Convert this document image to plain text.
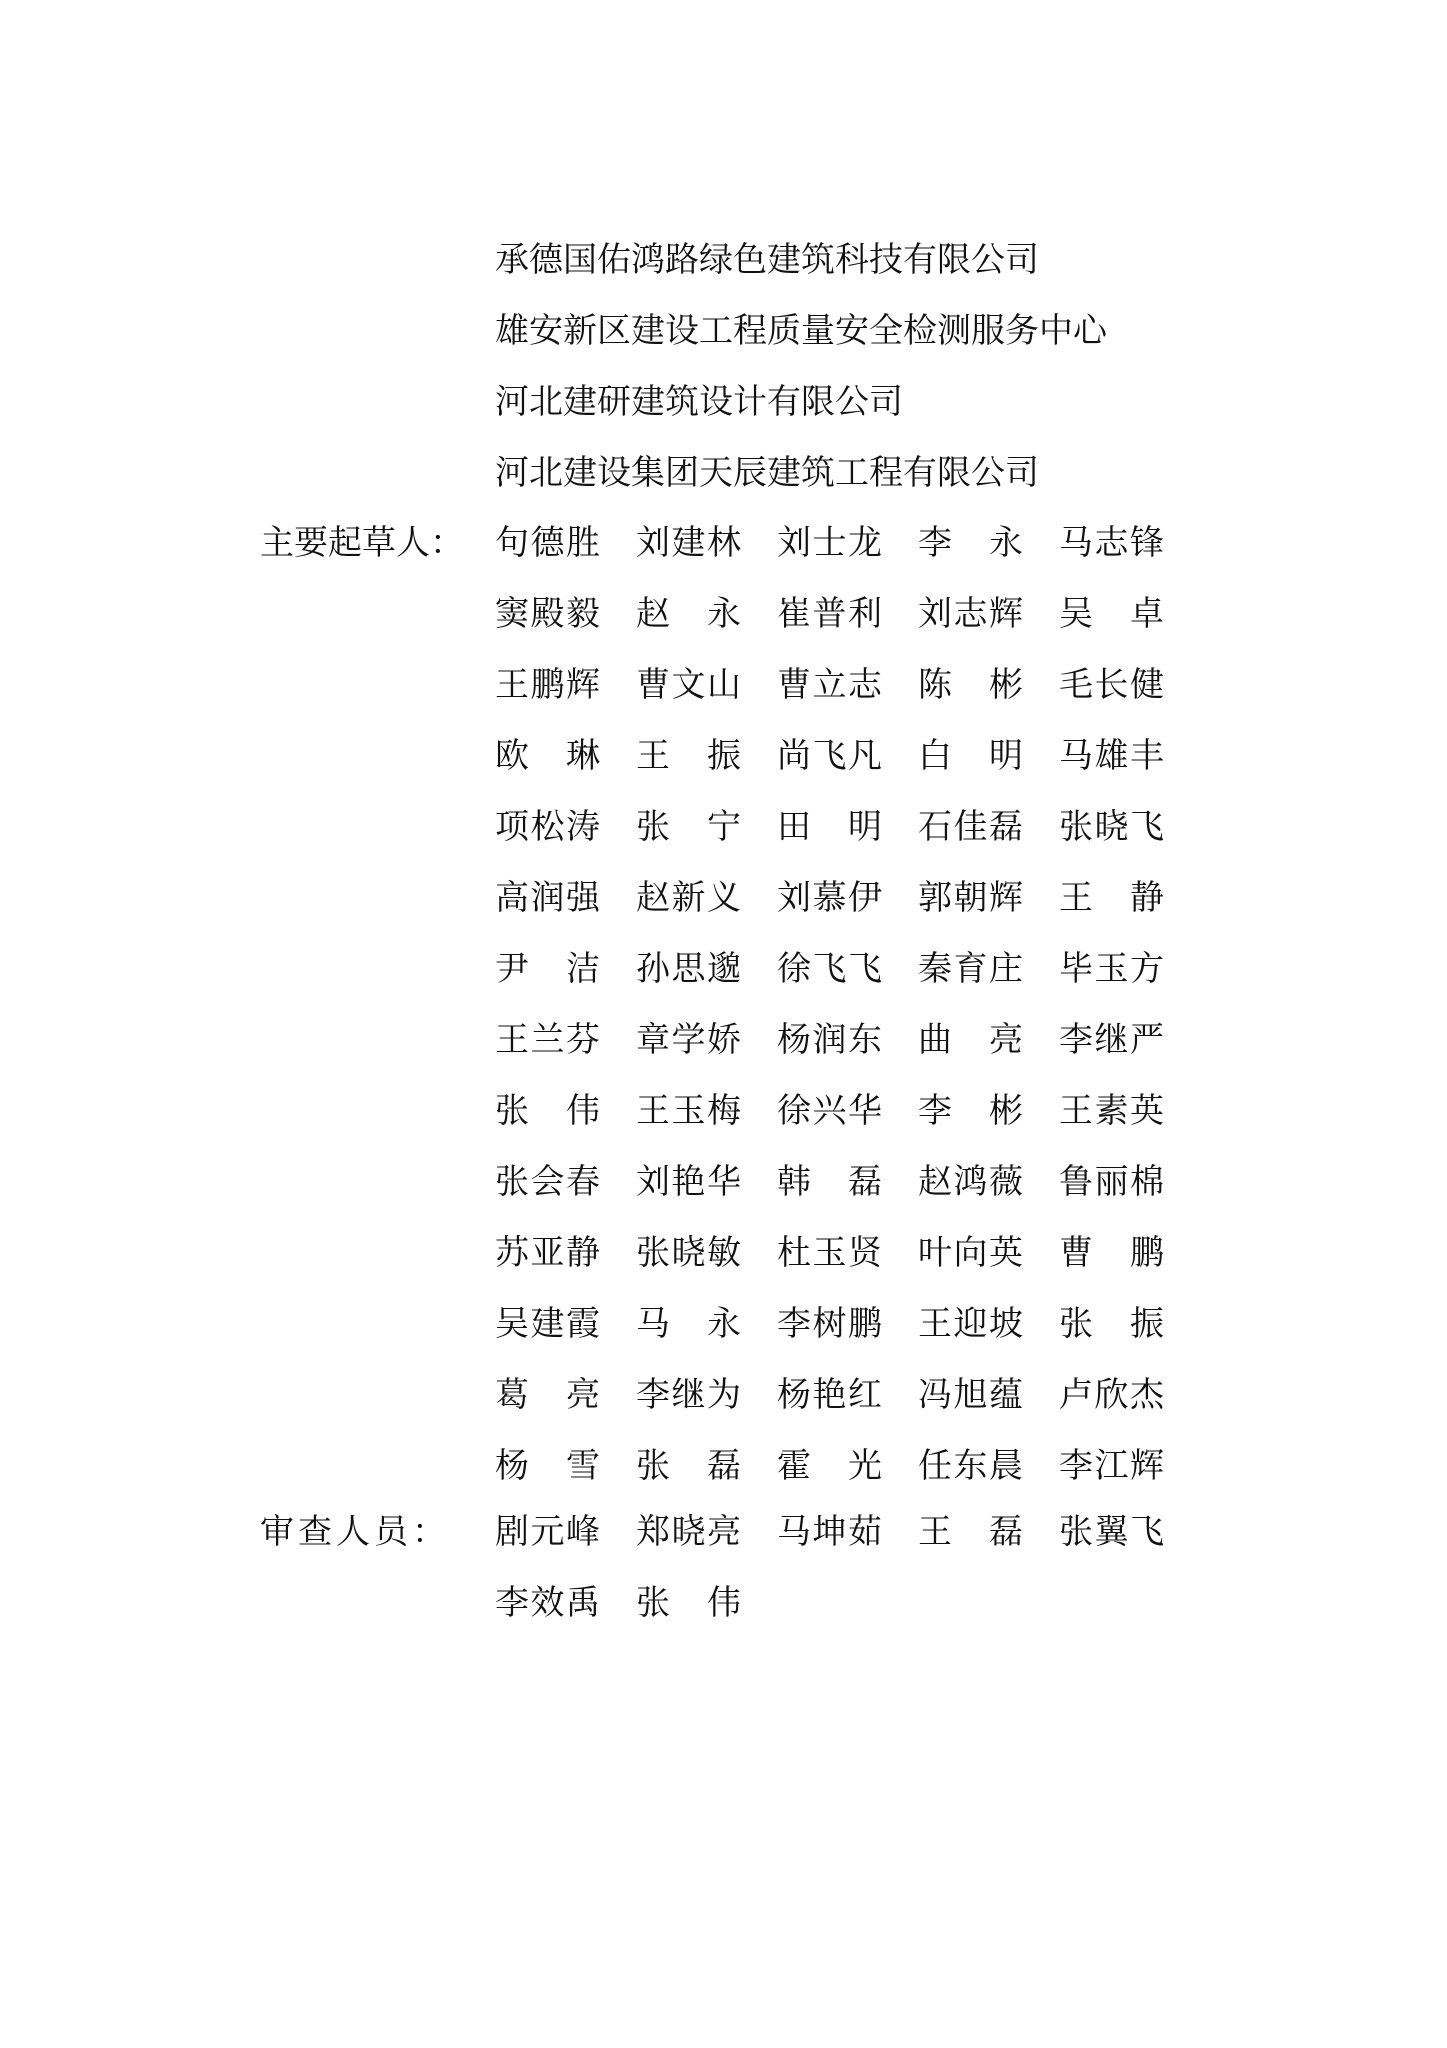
承德国佑鸿路绿色建筑科技有限公司
雄安新区建设工程质量安全检测服务中心
河北建研建筑设计有限公司
河北建设集团天辰建筑工程有限公司
主要起草人： 句 德 胜 刘 建 林 刘 士 龙 李 永 马 志 锋
窦 殿 毅 赵 永 崔 普 利 刘 志 辉 吴 卓
王 鹏 辉 曹 文 山 曹 立 志 陈 彬 毛 长 健
欧 琳 王 振 尚 飞 凡 白 明 马 雄 丰
项 松 涛 张 宁 田 明 石 佳 磊 张 晓 飞
高 润 强 赵 新 义 刘 慕 伊 郭 朝 辉 王 静
尹 洁 孙 思 邈 徐 飞 飞 秦 育 庄 毕 玉 方
王 兰 芬 章 学 娇 杨 润 东 曲 亮 李 继 严
张 伟 王 玉 梅 徐 兴 华 李 彬 王 素 英
张 会 春 刘 艳 华 韩 磊 赵 鸿 薇 鲁 丽 棉
苏 亚 静 张 晓 敏 杜 玉 贤 叶 向 英 曹 鹏
吴 建 霞 马 永 李 树 鹏 王 迎 坡 张 振
葛 亮 李 继 为 杨 艳 红 冯 旭 蕴 卢 欣 杰
杨 雪 张 磊 霍 光 任 东 晨 李 江 辉
审查人员： 剧 元 峰 郑 晓 亮 马 坤 茹 王 磊 张 翼 飞
李 效 禹 张 伟
